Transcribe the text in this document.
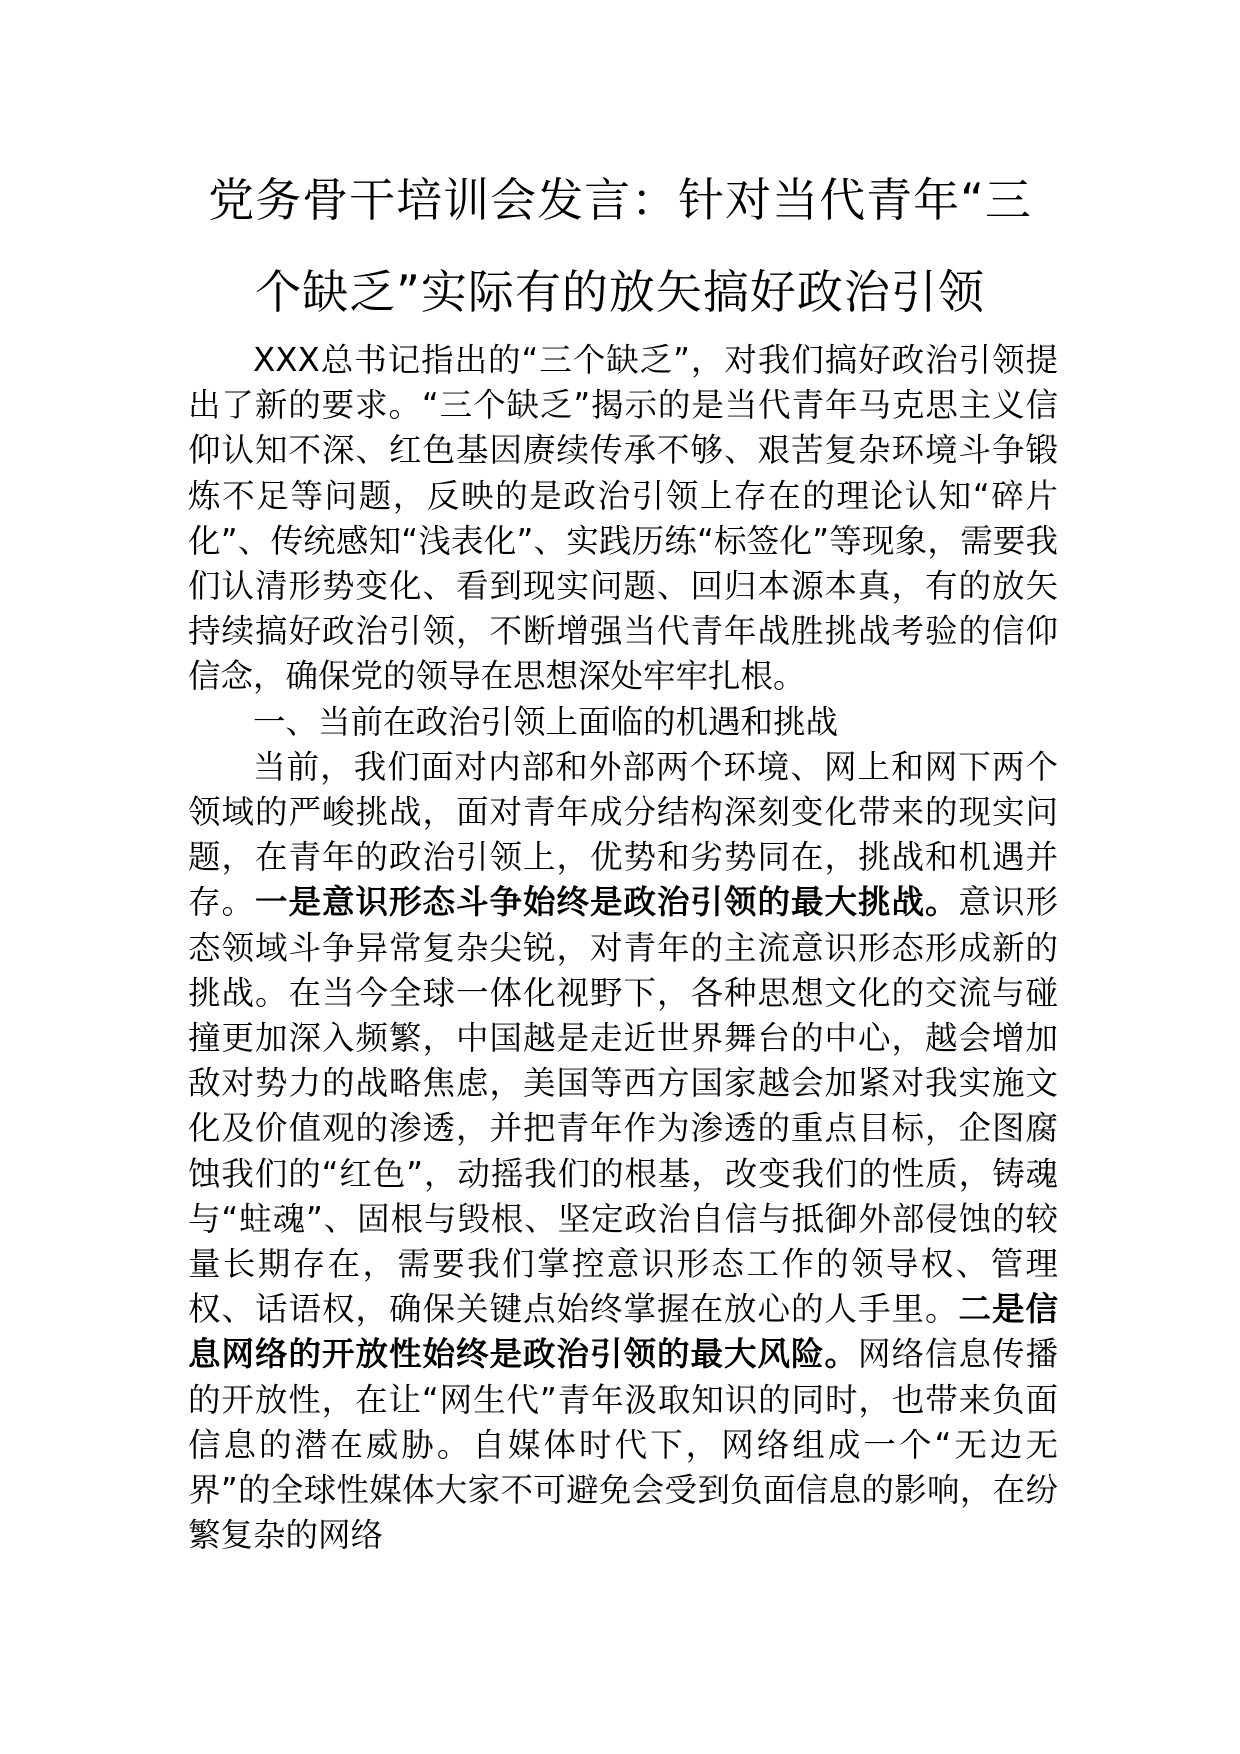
党务骨干培训会发言：针对当代青年“三
个缺乏”实际有的放矢搞好政治引领

XXX总书记指出的“三个缺乏”，对我们搞好政治引领提出了新的要求。“三个缺乏”揭示的是当代青年马克思主义信仰认知不深、红色基因赓续传承不够、艰苦复杂环境斗争锻炼不足等问题，反映的是政治引领上存在的理论认知“碎片化”、传统感知“浅表化”、实践历练“标签化”等现象，需要我们认清形势变化、看到现实问题、回归本源本真，有的放矢持续搞好政治引领，不断增强当代青年战胜挑战考验的信仰信念，确保党的领导在思想深处牢牢扎根。

一、当前在政治引领上面临的机遇和挑战

当前，我们面对内部和外部两个环境、网上和网下两个领域的严峻挑战，面对青年成分结构深刻变化带来的现实问题，在青年的政治引领上，优势和劣势同在，挑战和机遇并存。一是意识形态斗争始终是政治引领的最大挑战。意识形态领域斗争异常复杂尖锐，对青年的主流意识形态形成新的挑战。在当今全球一体化视野下，各种思想文化的交流与碰撞更加深入频繁，中国越是走近世界舞台的中心，越会增加敌对势力的战略焦虑，美国等西方国家越会加紧对我实施文化及价值观的渗透，并把青年作为渗透的重点目标，企图腐蚀我们的“红色”，动摇我们的根基，改变我们的性质，铸魂与“蛀魂”、固根与毁根、坚定政治自信与抵御外部侵蚀的较量长期存在，需要我们掌控意识形态工作的领导权、管理权、话语权，确保关键点始终掌握在放心的人手里。二是信息网络的开放性始终是政治引领的最大风险。网络信息传播的开放性，在让“网生代”青年汲取知识的同时，也带来负面信息的潜在威胁。自媒体时代下，网络组成一个“无边无界”的全球性媒体大家不可避免会受到负面信息的影响，在纷繁复杂的网络
